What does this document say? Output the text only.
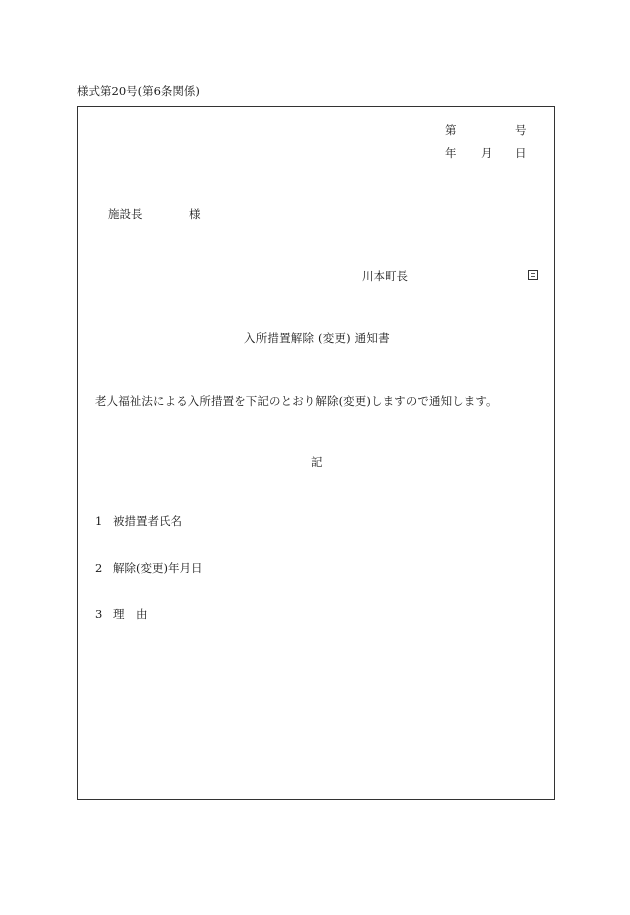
様式第20号(第6条関係)
第	号
年 月 日
施設長	様
川本町長
入所措置解除 (変更) 通知書
老人福祉法による入所措置を下記のとおり解除(変更)しますので通知します。
記
1 被措置者氏名
2 解除(変更)年月日
3 理　由
